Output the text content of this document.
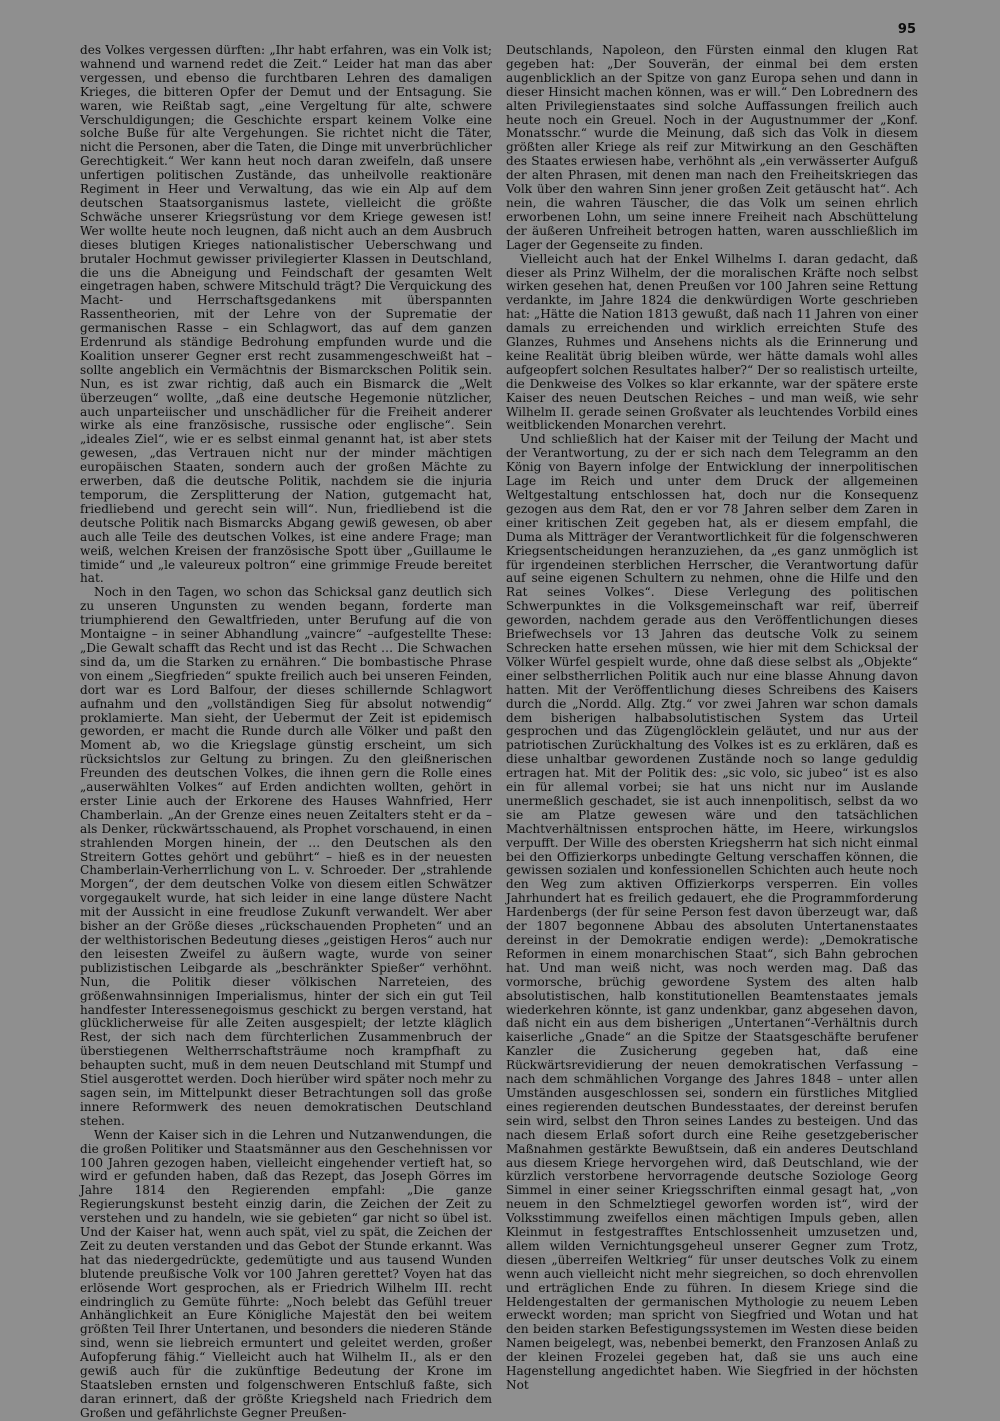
95

des Volkes vergessen dürften: „Ihr habt erfahren, was ein Volk ist; wahnend und warnend redet die Zeit.“ Leider hat man das aber vergessen, und ebenso die furchtbaren Lehren des damaligen Krieges, die bitteren Opfer der Demut und der Entsagung. Sie waren, wie Reißtab sagt, „eine Vergeltung für alte, schwere Verschuldigungen; die Geschichte erspart keinem Volke eine solche Buße für alte Vergehungen. Sie richtet nicht die Täter, nicht die Personen, aber die Taten, die Dinge mit unverbrüchlicher Gerechtigkeit.“ Wer kann heut noch daran zweifeln, daß unsere unfertigen politischen Zustände, das unheilvolle reaktionäre Regiment in Heer und Verwaltung, das wie ein Alp auf dem deutschen Staatsorganismus lastete, vielleicht die größte Schwäche unserer Kriegsrüstung vor dem Kriege gewesen ist! Wer wollte heute noch leugnen, daß nicht auch an dem Ausbruch dieses blutigen Krieges nationalistischer Ueberschwang und brutaler Hochmut gewisser privilegierter Klassen in Deutschland, die uns die Abneigung und Feindschaft der gesamten Welt eingetragen haben, schwere Mitschuld trägt? Die Verquickung des Macht- und Herrschaftsgedankens mit überspannten Rassentheorien, mit der Lehre von der Suprematie der germanischen Rasse – ein Schlagwort, das auf dem ganzen Erdenrund als ständige Bedrohung empfunden wurde und die Koalition unserer Gegner erst recht zusammengeschweißt hat – sollte angeblich ein Vermächtnis der Bismarckschen Politik sein. Nun, es ist zwar richtig, daß auch ein Bismarck die „Welt überzeugen“ wollte, „daß eine deutsche Hegemonie nützlicher, auch unparteiischer und unschädlicher für die Freiheit anderer wirke als eine französische, russische oder englische“. Sein „ideales Ziel“, wie er es selbst einmal genannt hat, ist aber stets gewesen, „das Vertrauen nicht nur der minder mächtigen europäischen Staaten, sondern auch der großen Mächte zu erwerben, daß die deutsche Politik, nachdem sie die injuria temporum, die Zersplitterung der Nation, gutgemacht hat, friedliebend und gerecht sein will“. Nun, friedliebend ist die deutsche Politik nach Bismarcks Abgang gewiß gewesen, ob aber auch alle Teile des deutschen Volkes, ist eine andere Frage; man weiß, welchen Kreisen der französische Spott über „Guillaume le timide“ und „le valeureux poltron“ eine grimmige Freude bereitet hat.

Noch in den Tagen, wo schon das Schicksal ganz deutlich sich zu unseren Ungunsten zu wenden begann, forderte man triumphierend den Gewaltfrieden, unter Berufung auf die von Montaigne – in seiner Abhandlung „vaincre“ –aufgestellte These: „Die Gewalt schafft das Recht und ist das Recht … Die Schwachen sind da, um die Starken zu ernähren.“ Die bombastische Phrase von einem „Siegfrieden“ spukte freilich auch bei unseren Feinden, dort war es Lord Balfour, der dieses schillernde Schlagwort aufnahm und den „vollständigen Sieg für absolut notwendig“ proklamierte. Man sieht, der Uebermut der Zeit ist epidemisch geworden, er macht die Runde durch alle Völker und paßt den Moment ab, wo die Kriegslage günstig erscheint, um sich rücksichtslos zur Geltung zu bringen. Zu den gleißnerischen Freunden des deutschen Volkes, die ihnen gern die Rolle eines „auserwählten Volkes“ auf Erden andichten wollten, gehört in erster Linie auch der Erkorene des Hauses Wahnfried, Herr Chamberlain. „An der Grenze eines neuen Zeitalters steht er da – als Denker, rückwärtsschauend, als Prophet vorschauend, in einen strahlenden Morgen hinein, der … den Deutschen als den Streitern Gottes gehört und gebührt“ – hieß es in der neuesten Chamberlain-Verherrlichung von L. v. Schroeder. Der „strahlende Morgen“, der dem deutschen Volke von diesem eitlen Schwätzer vorgegaukelt wurde, hat sich leider in eine lange düstere Nacht mit der Aussicht in eine freudlose Zukunft verwandelt. Wer aber bisher an der Größe dieses „rückschauenden Propheten“ und an der welthistorischen Bedeutung dieses „geistigen Heros“ auch nur den leisesten Zweifel zu äußern wagte, wurde von seiner publizistischen Leibgarde als „beschränkter Spießer“ verhöhnt. Nun, die Politik dieser völkischen Narreteien, des größenwahnsinnigen Imperialismus, hinter der sich ein gut Teil handfester Interessenegoismus geschickt zu bergen verstand, hat glücklicherweise für alle Zeiten ausgespielt; der letzte kläglich Rest, der sich nach dem fürchterlichen Zusammenbruch der überstiegenen Weltherrschaftsträume noch krampfhaft zu behaupten sucht, muß in dem neuen Deutschland mit Stumpf und Stiel ausgerottet werden. Doch hierüber wird später noch mehr zu sagen sein, im Mittelpunkt dieser Betrachtungen soll das große innere Reformwerk des neuen demokratischen Deutschland stehen.

Wenn der Kaiser sich in die Lehren und Nutzanwendungen, die die großen Politiker und Staatsmänner aus den Geschehnissen vor 100 Jahren gezogen haben, vielleicht eingehender vertieft hat, so wird er gefunden haben, daß das Rezept, das Joseph Görres im Jahre 1814 den Regierenden empfahl: „Die ganze Regierungskunst besteht einzig darin, die Zeichen der Zeit zu verstehen und zu handeln, wie sie gebieten“ gar nicht so übel ist. Und der Kaiser hat, wenn auch spät, viel zu spät, die Zeichen der Zeit zu deuten verstanden und das Gebot der Stunde erkannt. Was hat das niedergedrückte, gedemütigte und aus tausend Wunden blutende preußische Volk vor 100 Jahren gerettet? Voyen hat das erlösende Wort gesprochen, als er Friedrich Wilhelm III. recht eindringlich zu Gemüte führte: „Noch belebt das Gefühl treuer Anhänglichkeit an Eure Königliche Majestät den bei weitem größten Teil Ihrer Untertanen, und besonders die niederen Stände sind, wenn sie liebreich ermuntert und geleitet werden, großer Aufopferung fähig.“ Vielleicht auch hat Wilhelm II., als er den gewiß auch für die zukünftige Bedeutung der Krone im Staatsleben ernsten und folgenschweren Entschluß faßte, sich daran erinnert, daß der größte Kriegsheld nach Friedrich dem Großen und gefährlichste Gegner Preußen-

Deutschlands, Napoleon, den Fürsten einmal den klugen Rat gegeben hat: „Der Souverän, der einmal bei dem ersten augenblicklich an der Spitze von ganz Europa sehen und dann in dieser Hinsicht machen können, was er will.“ Den Lobrednern des alten Privilegienstaates sind solche Auffassungen freilich auch heute noch ein Greuel. Noch in der Augustnummer der „Konf. Monatsschr.“ wurde die Meinung, daß sich das Volk in diesem größten aller Kriege als reif zur Mitwirkung an den Geschäften des Staates erwiesen habe, verhöhnt als „ein verwässerter Aufguß der alten Phrasen, mit denen man nach den Freiheitskriegen das Volk über den wahren Sinn jener großen Zeit getäuscht hat“. Ach nein, die wahren Täuscher, die das Volk um seinen ehrlich erworbenen Lohn, um seine innere Freiheit nach Abschüttelung der äußeren Unfreiheit betrogen hatten, waren ausschließlich im Lager der Gegenseite zu finden.

Vielleicht auch hat der Enkel Wilhelms I. daran gedacht, daß dieser als Prinz Wilhelm, der die moralischen Kräfte noch selbst wirken gesehen hat, denen Preußen vor 100 Jahren seine Rettung verdankte, im Jahre 1824 die denkwürdigen Worte geschrieben hat: „Hätte die Nation 1813 gewußt, daß nach 11 Jahren von einer damals zu erreichenden und wirklich erreichten Stufe des Glanzes, Ruhmes und Ansehens nichts als die Erinnerung und keine Realität übrig bleiben würde, wer hätte damals wohl alles aufgeopfert solchen Resultates halber?“ Der so realistisch urteilte, die Denkweise des Volkes so klar erkannte, war der spätere erste Kaiser des neuen Deutschen Reiches – und man weiß, wie sehr Wilhelm II. gerade seinen Großvater als leuchtendes Vorbild eines weitblickenden Monarchen verehrt.

Und schließlich hat der Kaiser mit der Teilung der Macht und der Verantwortung, zu der er sich nach dem Telegramm an den König von Bayern infolge der Entwicklung der innerpolitischen Lage im Reich und unter dem Druck der allgemeinen Weltgestaltung entschlossen hat, doch nur die Konsequenz gezogen aus dem Rat, den er vor 78 Jahren selber dem Zaren in einer kritischen Zeit gegeben hat, als er diesem empfahl, die Duma als Mitträger der Verantwortlichkeit für die folgenschweren Kriegsentscheidungen heranzuziehen, da „es ganz unmöglich ist für irgendeinen sterblichen Herrscher, die Verantwortung dafür auf seine eigenen Schultern zu nehmen, ohne die Hilfe und den Rat seines Volkes“. Diese Verlegung des politischen Schwerpunktes in die Volksgemeinschaft war reif, überreif geworden, nachdem gerade aus den Veröffentlichungen dieses Briefwechsels vor 13 Jahren das deutsche Volk zu seinem Schrecken hatte ersehen müssen, wie hier mit dem Schicksal der Völker Würfel gespielt wurde, ohne daß diese selbst als „Objekte“ einer selbstherrlichen Politik auch nur eine blasse Ahnung davon hatten. Mit der Veröffentlichung dieses Schreibens des Kaisers durch die „Nordd. Allg. Ztg.“ vor zwei Jahren war schon damals dem bisherigen halbabsolutistischen System das Urteil gesprochen und das Zügenglöcklein geläutet, und nur aus der patriotischen Zurückhaltung des Volkes ist es zu erklären, daß es diese unhaltbar gewordenen Zustände noch so lange geduldig ertragen hat. Mit der Politik des: „sic volo, sic jubeo“ ist es also ein für allemal vorbei; sie hat uns nicht nur im Auslande unermeßlich geschadet, sie ist auch innenpolitisch, selbst da wo sie am Platze gewesen wäre und den tatsächlichen Machtverhältnissen entsprochen hätte, im Heere, wirkungslos verpufft. Der Wille des obersten Kriegsherrn hat sich nicht einmal bei den Offizierkorps unbedingte Geltung verschaffen können, die gewissen sozialen und konfessionellen Schichten auch heute noch den Weg zum aktiven Offizierkorps versperren. Ein volles Jahrhundert hat es freilich gedauert, ehe die Programmforderung Hardenbergs (der für seine Person fest davon überzeugt war, daß der 1807 begonnene Abbau des absoluten Untertanenstaates dereinst in der Demokratie endigen werde): „Demokratische Reformen in einem monarchischen Staat“, sich Bahn gebrochen hat. Und man weiß nicht, was noch werden mag. Daß das vormorsche, brüchig gewordene System des alten halb absolutistischen, halb konstitutionellen Beamtenstaates jemals wiederkehren könnte, ist ganz undenkbar, ganz abgesehen davon, daß nicht ein aus dem bisherigen „Untertanen“-Verhältnis durch kaiserliche „Gnade“ an die Spitze der Staatsgeschäfte berufener Kanzler die Zusicherung gegeben hat, daß eine Rückwärtsrevidierung der neuen demokratischen Verfassung – nach dem schmählichen Vorgange des Jahres 1848 – unter allen Umständen ausgeschlossen sei, sondern ein fürstliches Mitglied eines regierenden deutschen Bundesstaates, der dereinst berufen sein wird, selbst den Thron seines Landes zu besteigen. Und das nach diesem Erlaß sofort durch eine Reihe gesetzgeberischer Maßnahmen gestärkte Bewußtsein, daß ein anderes Deutschland aus diesem Kriege hervorgehen wird, daß Deutschland, wie der kürzlich verstorbene hervorragende deutsche Soziologe Georg Simmel in einer seiner Kriegsschriften einmal gesagt hat, „von neuem in den Schmelztiegel geworfen worden ist“, wird der Volksstimmung zweifellos einen mächtigen Impuls geben, allen Kleinmut in festgestrafftes Entschlossenheit umzusetzen und, allem wilden Vernichtungsgeheul unserer Gegner zum Trotz, diesen „überreifen Weltkrieg“ für unser deutsches Volk zu einem wenn auch vielleicht nicht mehr siegreichen, so doch ehrenvollen und erträglichen Ende zu führen. In diesem Kriege sind die Heldengestalten der germanischen Mythologie zu neuem Leben erweckt worden; man spricht von Siegfried und Wotan und hat den beiden starken Befestigungssystemen im Westen diese beiden Namen beigelegt, was, nebenbei bemerkt, den Franzosen Anlaß zu der kleinen Frozelei gegeben hat, daß sie uns auch eine Hagenstellung angedichtet haben. Wie Siegfried in der höchsten Not
